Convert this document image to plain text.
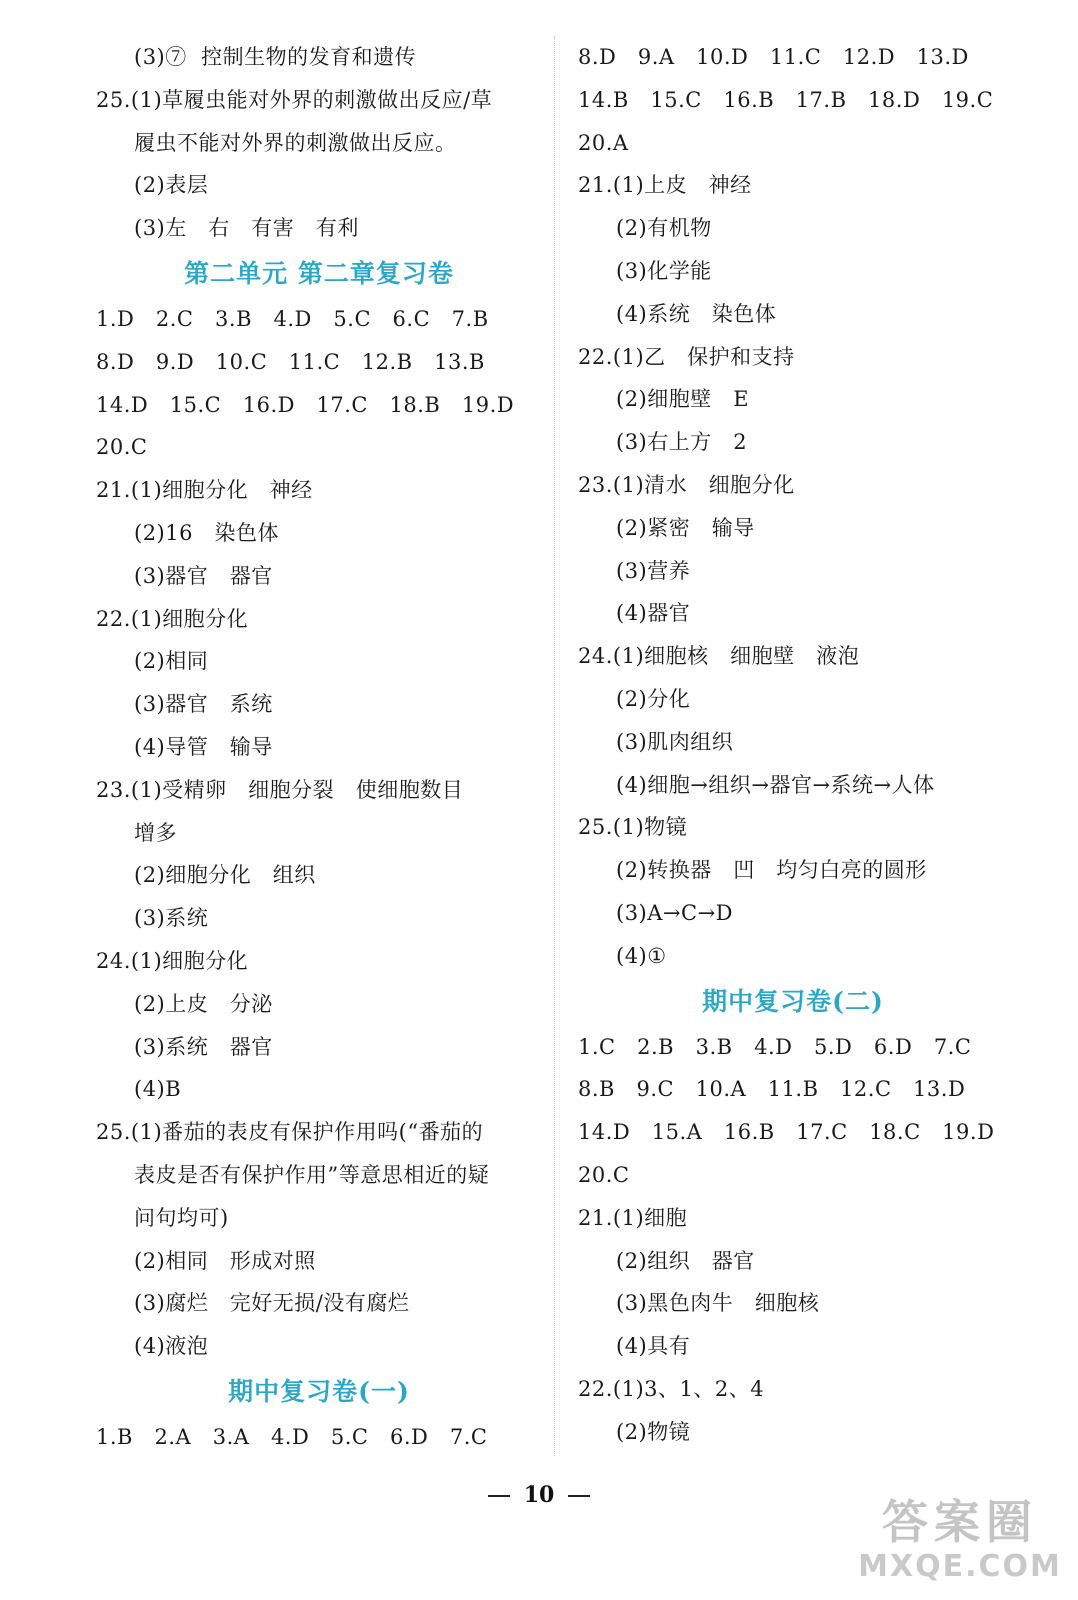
(3)⑦  控制生物的发育和遗传
25.(1)草履虫能对外界的刺激做出反应/草
履虫不能对外界的刺激做出反应。
(2)表层
(3)左   右   有害   有利
第二单元 第二章复习卷
1.D   2.C   3.B   4.D   5.C   6.C   7.B
8.D   9.D   10.C   11.C   12.B   13.B
14.D   15.C   16.D   17.C   18.B   19.D
20.C
21.(1)细胞分化   神经
(2)16   染色体
(3)器官   器官
22.(1)细胞分化
(2)相同
(3)器官   系统
(4)导管   输导
23.(1)受精卵   细胞分裂   使细胞数目
增多
(2)细胞分化   组织
(3)系统
24.(1)细胞分化
(2)上皮   分泌
(3)系统   器官
(4)B
25.(1)番茄的表皮有保护作用吗(“番茄的
表皮是否有保护作用”等意思相近的疑
问句均可)
(2)相同   形成对照
(3)腐烂   完好无损/没有腐烂
(4)液泡
期中复习卷(一)
1.B   2.A   3.A   4.D   5.C   6.D   7.C
8.D   9.A   10.D   11.C   12.D   13.D
14.B   15.C   16.B   17.B   18.D   19.C
20.A
21.(1)上皮   神经
(2)有机物
(3)化学能
(4)系统   染色体
22.(1)乙   保护和支持
(2)细胞壁   E
(3)右上方   2
23.(1)清水   细胞分化
(2)紧密   输导
(3)营养
(4)器官
24.(1)细胞核   细胞壁   液泡
(2)分化
(3)肌肉组织
(4)细胞→组织→器官→系统→人体
25.(1)物镜
(2)转换器   凹   均匀白亮的圆形
(3)A→C→D
(4)①
期中复习卷(二)
1.C   2.B   3.B   4.D   5.D   6.D   7.C
8.B   9.C   10.A   11.B   12.C   13.D
14.D   15.A   16.B   17.C   18.C   19.D
20.C
21.(1)细胞
(2)组织   器官
(3)黑色肉牛   细胞核
(4)具有
22.(1)3、1、2、4
(2)物镜
10	答案圈
MXQE.COM
